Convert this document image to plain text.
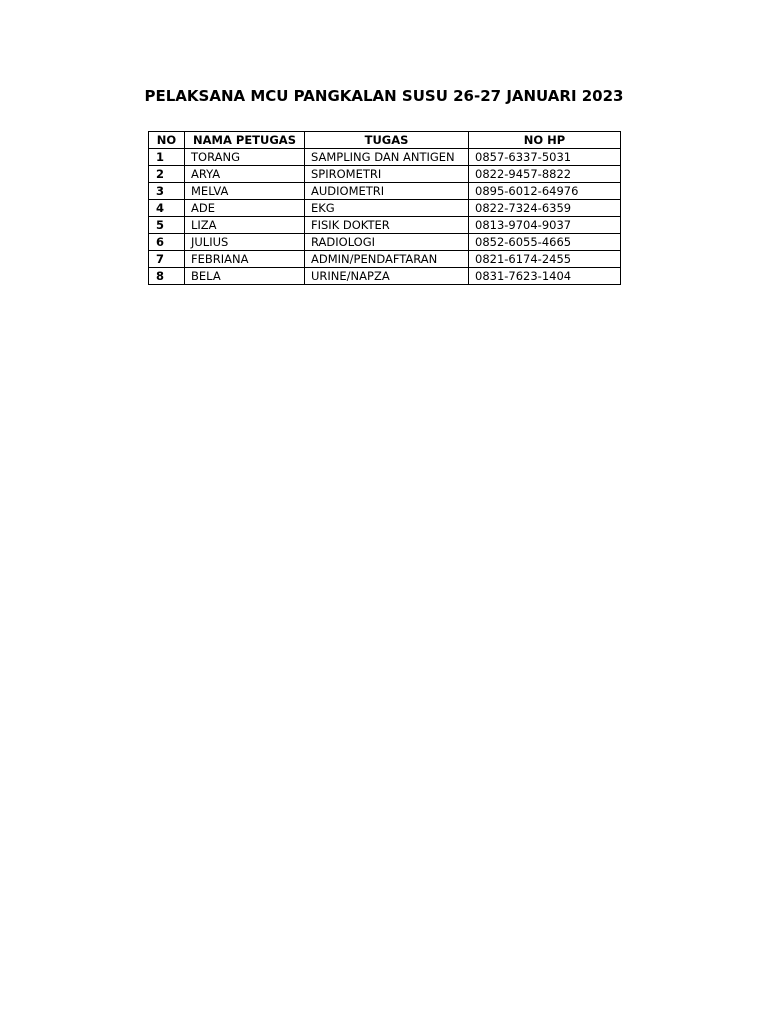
PELAKSANA MCU PANGKALAN SUSU 26-27 JANUARI 2023
NO	NAMA PETUGAS	TUGAS	NO HP
1	TORANG	SAMPLING DAN ANTIGEN	0857-6337-5031
2	ARYA	SPIROMETRI	0822-9457-8822
3	MELVA	AUDIOMETRI	0895-6012-64976
4	ADE	EKG	0822-7324-6359
5	LIZA	FISIK DOKTER	0813-9704-9037
6	JULIUS	RADIOLOGI	0852-6055-4665
7	FEBRIANA	ADMIN/PENDAFTARAN	0821-6174-2455
8	BELA	URINE/NAPZA	0831-7623-1404
